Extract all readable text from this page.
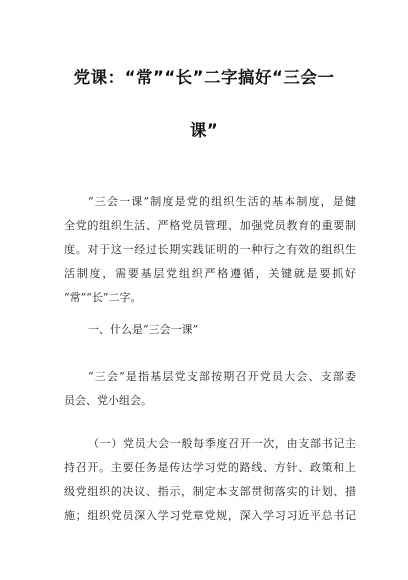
党课：“常”“长”二字搞好“三会一
课”
“三会一课”制度是党的组织生活的基本制度，是健
全党的组织生活、严格党员管理、加强党员教育的重要制
度。对于这一经过长期实践证明的一种行之有效的组织生
活制度，需要基层党组织严格遵循，关键就是要抓好
“常”“长”二字。
一、什么是“三会一课”
“三会”是指基层党支部按期召开党员大会、支部委
员会、党小组会。
（一）党员大会一般每季度召开一次，由支部书记主
持召开。主要任务是传达学习党的路线、方针、政策和上
级党组织的决议、指示，制定本支部贯彻落实的计划、措
施；组织党员深入学习党章党规，深入学习习近平总书记
